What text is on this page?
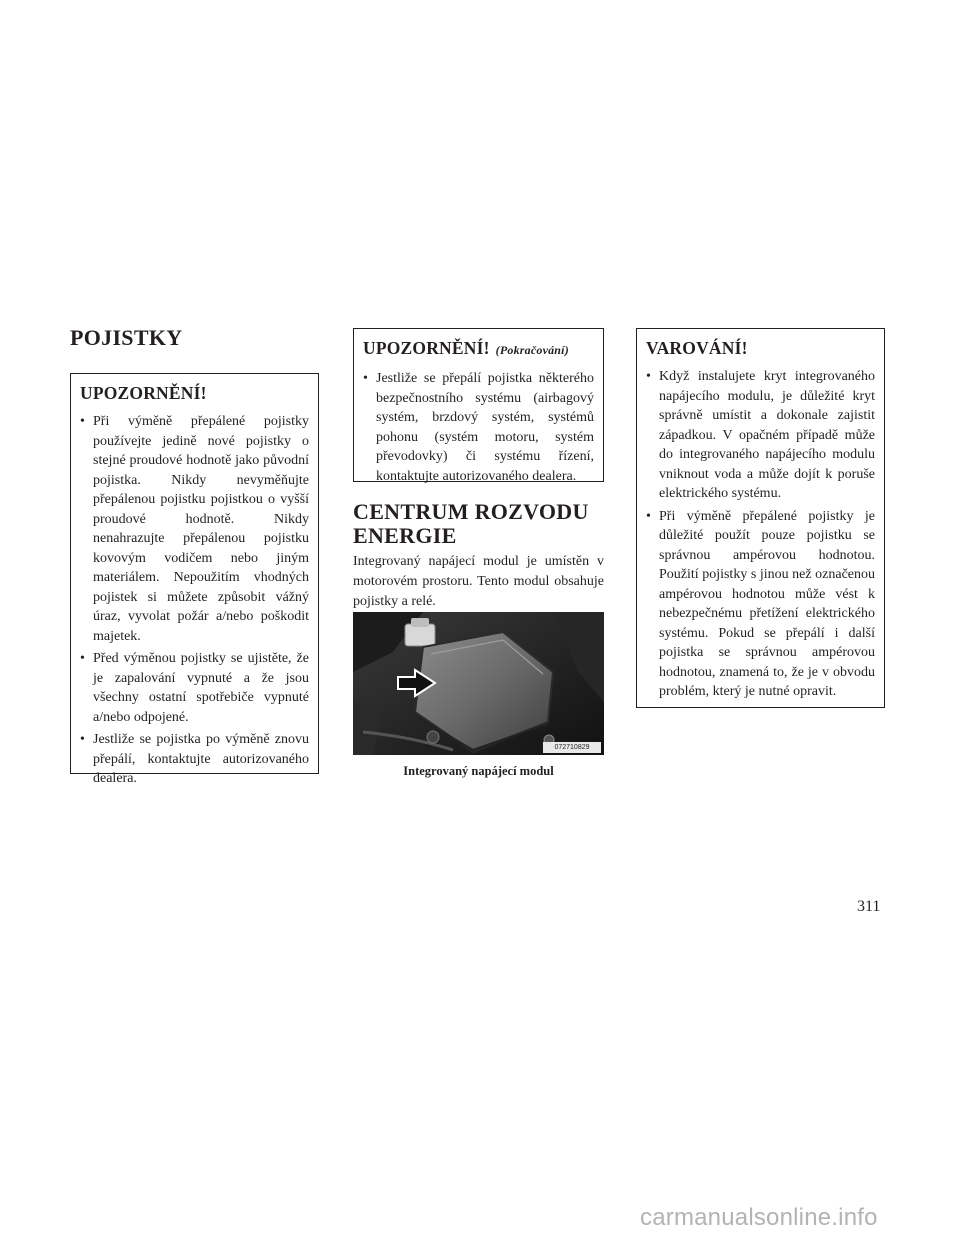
POJISTKY
UPOZORNĚNÍ!
• Při výměně přepálené pojistky používejte jedině nové pojistky o stejné proudové hodnotě jako původní pojistka. Nikdy nevyměňujte přepálenou pojistku pojistkou o vyšší proudové hodnotě. Nikdy nenahrazujte přepálenou pojistku kovovým vodičem nebo jiným materiálem. Nepoužitím vhodných pojistek si můžete způsobit vážný úraz, vyvolat požár a/nebo poškodit majetek.
• Před výměnou pojistky se ujistěte, že je zapalování vypnuté a že jsou všechny ostatní spotřebiče vypnuté a/nebo odpojené.
• Jestliže se pojistka po výměně znovu přepálí, kontaktujte autorizovaného dealera.
UPOZORNĚNÍ! (Pokračování)
• Jestliže se přepálí pojistka některého bezpečnostního systému (airbagový systém, brzdový systém, systémů pohonu (systém motoru, systém převodovky) či systému řízení, kontaktujte autorizovaného dealera.
CENTRUM ROZVODU ENERGIE

Integrovaný napájecí modul je umístěn v motorovém prostoru. Tento modul obsahuje pojistky a relé.

072710829
Integrovaný napájecí modul
VAROVÁNÍ!
• Když instalujete kryt integrovaného napájecího modulu, je důležité kryt správně umístit a dokonale zajistit západkou. V opačném případě může do integrovaného napájecího modulu vniknout voda a může dojít k poruše elektrického systému.
• Při výměně přepálené pojistky je důležité použít pouze pojistku se správnou ampérovou hodnotou. Použití pojistky s jinou než označenou ampérovou hodnotou může vést k nebezpečnému přetížení elektrického systému. Pokud se přepálí i další pojistka se správnou ampérovou hodnotou, znamená to, že je v obvodu problém, který je nutné opravit.
311
carmanualsonline.info
